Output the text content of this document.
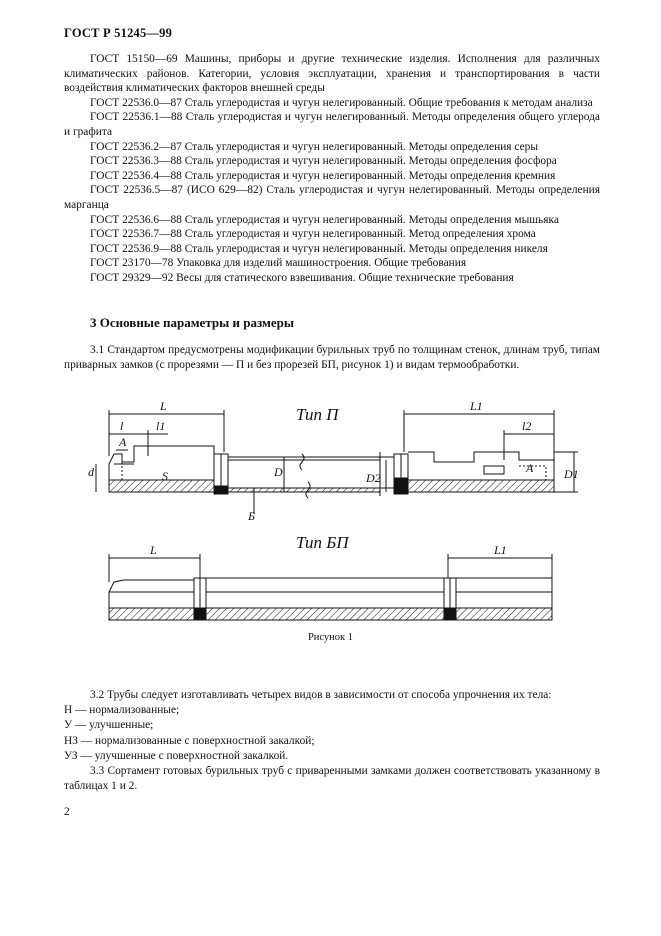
ГОСТ Р 51245—99

ГОСТ 15150—69 Машины, приборы и другие технические изделия. Исполнения для различных климатических районов. Категории, условия эксплуатации, хранения и транспортирования в части воздействия климатических факторов внешней среды

ГОСТ 22536.0—87 Сталь углеродистая и чугун нелегированный. Общие требования к методам анализа

ГОСТ 22536.1—88 Сталь углеродистая и чугун нелегированный. Методы определения общего углерода и графита

ГОСТ 22536.2—87 Сталь углеродистая и чугун нелегированный. Методы определения серы

ГОСТ 22536.3—88 Сталь углеродистая и чугун нелегированный. Методы определения фосфора

ГОСТ 22536.4—88 Сталь углеродистая и чугун нелегированный. Методы определения кремния

ГОСТ 22536.5—87 (ИСО 629—82) Сталь углеродистая и чугун нелегированный. Методы определения марганца

ГОСТ 22536.6—88 Сталь углеродистая и чугун нелегированный. Методы определения мышьяка

ГОСТ 22536.7—88 Сталь углеродистая и чугун нелегированный. Метод определения хрома

ГОСТ 22536.9—88 Сталь углеродистая и чугун нелегированный. Методы определения никеля

ГОСТ 23170—78 Упаковка для изделий машиностроения. Общие требования

ГОСТ 29329—92 Весы для статического взвешивания. Общие технические требования

3 Основные параметры и размеры

3.1 Стандартом предусмотрены модификации бурильных труб по толщинам стенок, длинам труб, типам приварных замков (с прорезями — П и без прорезей БП, рисунок 1) и видам термообработки.

Тип П
L
l	l1
A
L1
l2
A
d	S	D
Б
D2	D1
Тип БП
L	L1
Рисунок 1

3.2 Трубы следует изготавливать четырех видов в зависимости от способа упрочнения их тела:

Н — нормализованные;

У — улучшенные;

НЗ — нормализованные с поверхностной закалкой;

УЗ — улучшенные с поверхностной закалкой.

3.3 Сортамент готовых бурильных труб с приваренными замками должен соответствовать указанному в таблицах 1 и 2.

2
